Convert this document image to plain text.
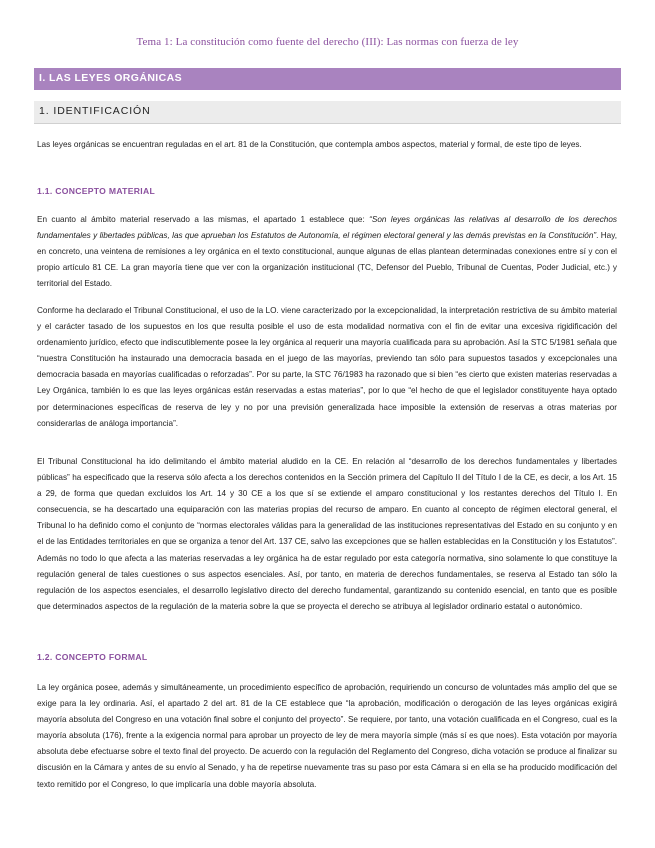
Tema 1: La constitución como fuente del derecho (III): Las normas con fuerza de ley
I. LAS LEYES ORGÁNICAS
1. IDENTIFICACIÓN

Las leyes orgánicas se encuentran reguladas en el art. 81 de la Constitución, que contempla ambos aspectos, material y formal, de este tipo de leyes.

1.1. CONCEPTO MATERIAL

En cuanto al ámbito material reservado a las mismas, el apartado 1 establece que: “Son leyes orgánicas las relativas al desarrollo de los derechos fundamentales y libertades públicas, las que aprueban los Estatutos de Autonomía, el régimen electoral general y las demás previstas en la Constitución”. Hay, en concreto, una veintena de remisiones a ley orgánica en el texto constitucional, aunque algunas de ellas plantean determinadas conexiones entre sí y con el propio artículo 81 CE. La gran mayoría tiene que ver con la organización institucional (TC, Defensor del Pueblo, Tribunal de Cuentas, Poder Judicial, etc.) y territorial del Estado.

Conforme ha declarado el Tribunal Constitucional, el uso de la LO. viene caracterizado por la excepcionalidad, la interpretación restrictiva de su ámbito material y el carácter tasado de los supuestos en los que resulta posible el uso de esta modalidad normativa con el fin de evitar una excesiva rigidificación del ordenamiento jurídico, efecto que indiscutiblemente posee la ley orgánica al requerir una mayoría cualificada para su aprobación. Así la STC 5/1981 señala que “nuestra Constitución ha instaurado una democracia basada en el juego de las mayorías, previendo tan sólo para supuestos tasados y excepcionales una democracia basada en mayorías cualificadas o reforzadas”. Por su parte, la STC 76/1983 ha razonado que si bien “es cierto que existen materias reservadas a Ley Orgánica, también lo es que las leyes orgánicas están reservadas a estas materias”, por lo que “el hecho de que el legislador constituyente haya optado por determinaciones específicas de reserva de ley y no por una previsión generalizada hace imposible la extensión de reservas a otras materias por considerarlas de análoga importancia”.

El Tribunal Constitucional ha ido delimitando el ámbito material aludido en la CE. En relación al “desarrollo de los derechos fundamentales y libertades públicas” ha especificado que la reserva sólo afecta a los derechos contenidos en la Sección primera del Capítulo II del Título I de la CE, es decir, a los Art. 15 a 29, de forma que quedan excluidos los Art. 14 y 30 CE a los que sí se extiende el amparo constitucional y los restantes derechos del Título I. En consecuencia, se ha descartado una equiparación con las materias propias del recurso de amparo. En cuanto al concepto de régimen electoral general, el Tribunal lo ha definido como el conjunto de “normas electorales válidas para la generalidad de las instituciones representativas del Estado en su conjunto y en el de las Entidades territoriales en que se organiza a tenor del Art. 137 CE, salvo las excepciones que se hallen establecidas en la Constitución y los Estatutos”. Además no todo lo que afecta a las materias reservadas a ley orgánica ha de estar regulado por esta categoría normativa, sino solamente lo que constituye la regulación general de tales cuestiones o sus aspectos esenciales. Así, por tanto, en materia de derechos fundamentales, se reserva al Estado tan sólo la regulación de los aspectos esenciales, el desarrollo legislativo directo del derecho fundamental, garantizando su contenido esencial, en tanto que es posible que determinados aspectos de la regulación de la materia sobre la que se proyecta el derecho se atribuya al legislador ordinario estatal o autonómico.

1.2. CONCEPTO FORMAL

La ley orgánica posee, además y simultáneamente, un procedimiento específico de aprobación, requiriendo un concurso de voluntades más amplio del que se exige para la ley ordinaria. Así, el apartado 2 del art. 81 de la CE establece que “la aprobación, modificación o derogación de las leyes orgánicas exigirá mayoría absoluta del Congreso en una votación final sobre el conjunto del proyecto”. Se requiere, por tanto, una votación cualificada en el Congreso, cual es la mayoría absoluta (176), frente a la exigencia normal para aprobar un proyecto de ley de mera mayoría simple (más sí es que noes). Esta votación por mayoría absoluta debe efectuarse sobre el texto final del proyecto. De acuerdo con la regulación del Reglamento del Congreso, dicha votación se produce al finalizar su discusión en la Cámara y antes de su envío al Senado, y ha de repetirse nuevamente tras su paso por esta Cámara si en ella se ha producido modificación del texto remitido por el Congreso, lo que implicaría una doble mayoría absoluta.
